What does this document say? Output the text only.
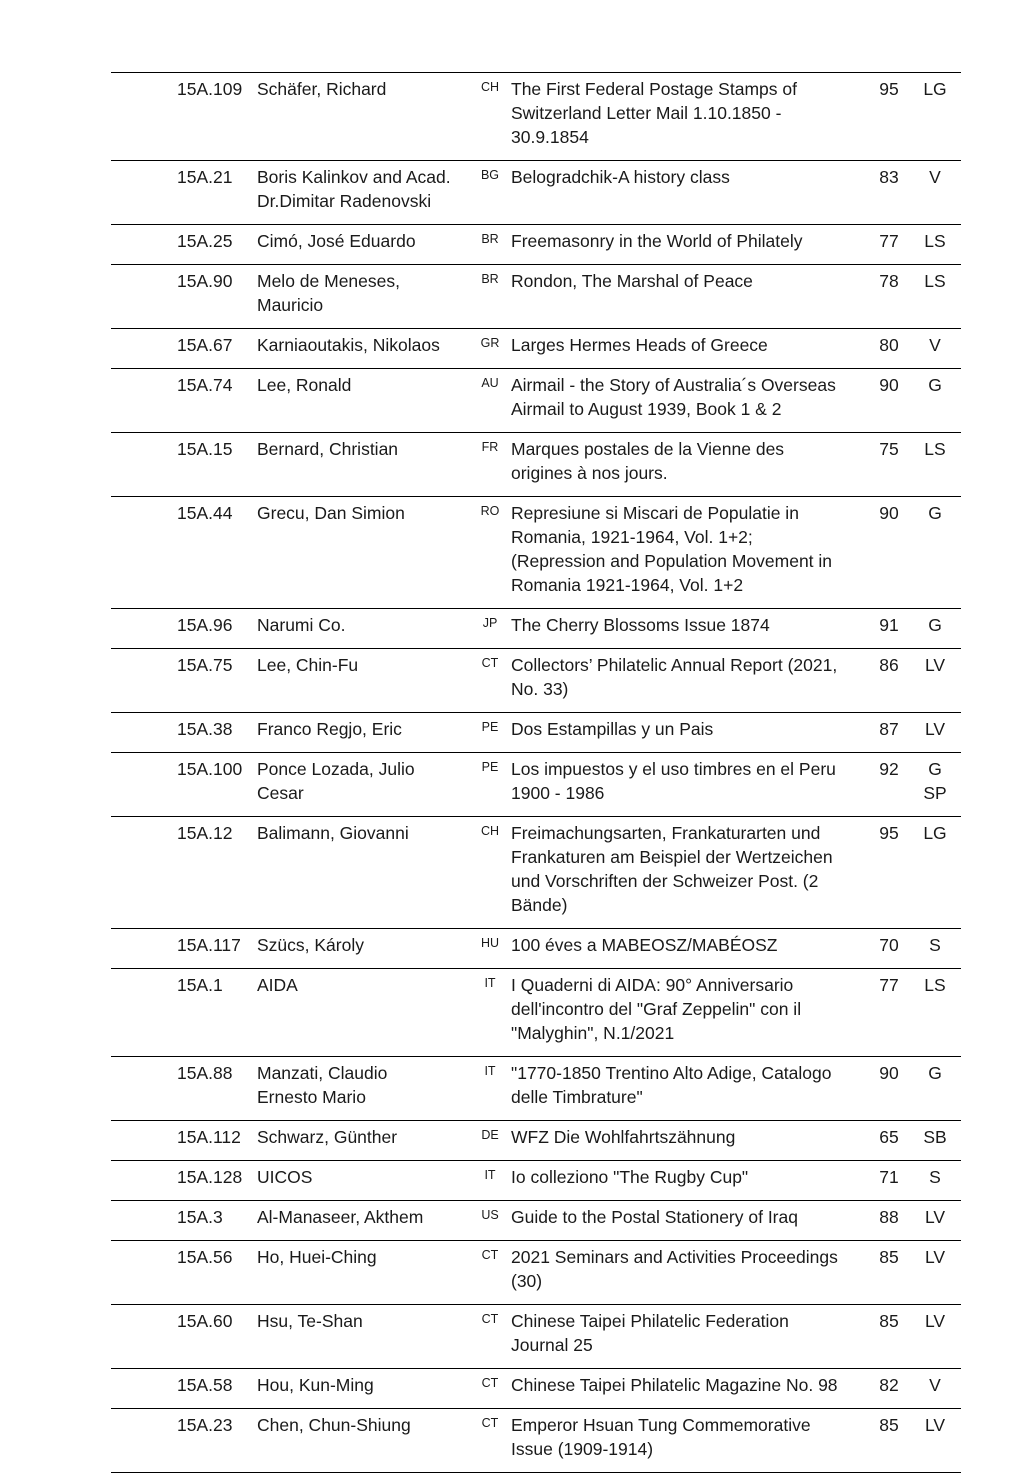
	15A.109	Schäfer, Richard	CH	The First Federal Postage Stamps of
Switzerland Letter Mail 1.10.1850 -
30.9.1854	95	LG

	15A.21	Boris Kalinkov and Acad.
Dr.Dimitar Radenovski	BG	Belogradchik-A history class	83	V

	15A.25	Cimó, José Eduardo	BR	Freemasonry in the World of Philately	77	LS

	15A.90	Melo de Meneses,
Mauricio	BR	Rondon, The Marshal of Peace	78	LS

	15A.67	Karniaoutakis, Nikolaos	GR	Larges Hermes Heads of Greece	80	V

	15A.74	Lee, Ronald	AU	Airmail - the Story of Australia´s Overseas
Airmail to August 1939, Book 1 & 2	90	G

	15A.15	Bernard, Christian	FR	Marques postales de la Vienne des
origines à nos jours.	75	LS

	15A.44	Grecu, Dan Simion	RO	Represiune si Miscari de Populatie in
Romania, 1921-1964, Vol. 1+2;
(Repression and Population Movement in
Romania 1921-1964, Vol. 1+2	90	G

	15A.96	Narumi Co.	JP	The Cherry Blossoms Issue 1874	91	G

	15A.75	Lee, Chin-Fu	CT	Collectors’ Philatelic Annual Report (2021,
No. 33)	86	LV

	15A.38	Franco Regjo, Eric	PE	Dos Estampillas y un Pais	87	LV

	15A.100	Ponce Lozada, Julio
Cesar	PE	Los impuestos y el uso timbres en el Peru
1900 - 1986	92	G
SP

	15A.12	Balimann, Giovanni	CH	Freimachungsarten, Frankaturarten und
Frankaturen am Beispiel der Wertzeichen
und Vorschriften der Schweizer Post. (2
Bände)	95	LG

	15A.117	Szücs, Károly	HU	100 éves a MABEOSZ/MABÉOSZ	70	S

	15A.1	AIDA	IT	I Quaderni di AIDA: 90° Anniversario
dell'incontro del "Graf Zeppelin" con il
"Malyghin", N.1/2021	77	LS

	15A.88	Manzati, Claudio
Ernesto Mario	IT	"1770-1850 Trentino Alto Adige, Catalogo
delle Timbrature"	90	G

	15A.112	Schwarz, Günther	DE	WFZ Die Wohlfahrtszähnung	65	SB

	15A.128	UICOS	IT	Io colleziono "The Rugby Cup"	71	S

	15A.3	Al-Manaseer, Akthem	US	Guide to the Postal Stationery of Iraq	88	LV

	15A.56	Ho, Huei-Ching	CT	2021 Seminars and Activities Proceedings
(30)	85	LV

	15A.60	Hsu, Te-Shan	CT	Chinese Taipei Philatelic Federation
Journal 25	85	LV

	15A.58	Hou, Kun-Ming	CT	Chinese Taipei Philatelic Magazine No. 98	82	V

	15A.23	Chen, Chun-Shiung	CT	Emperor Hsuan Tung Commemorative
Issue (1909-1914)	85	LV
